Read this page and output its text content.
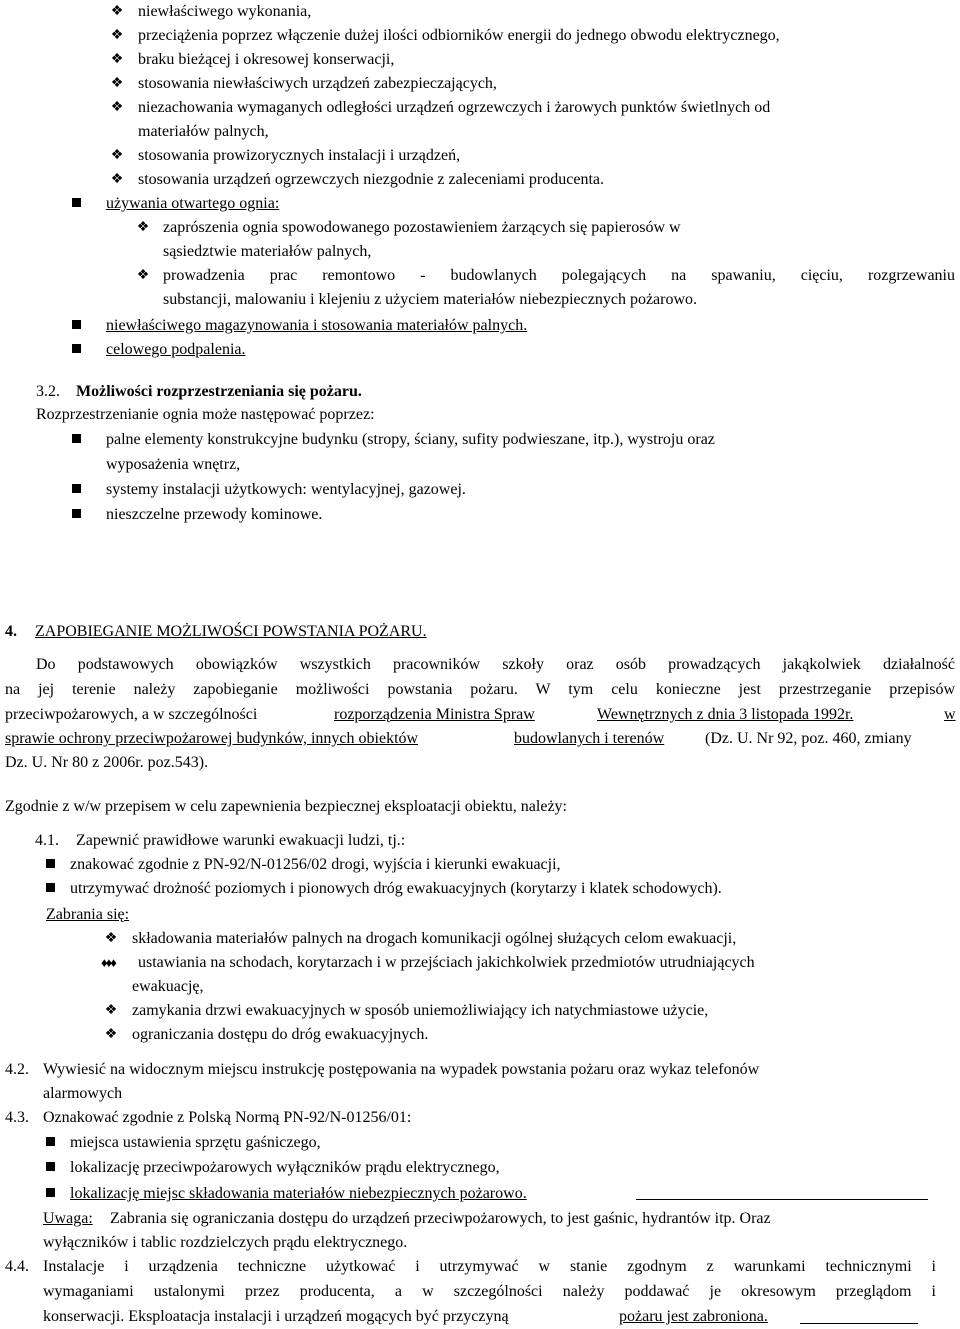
❖ niewłaściwego wykonania,
❖ przeciążenia poprzez włączenie dużej ilości odbiorników energii do jednego obwodu elektrycznego,
❖ braku bieżącej i okresowej konserwacji,
❖ stosowania niewłaściwych urządzeń zabezpieczających,
❖ niezachowania wymaganych odległości urządzeń ogrzewczych i żarowych punktów świetlnych od
materiałów palnych,
❖ stosowania prowizorycznych instalacji i urządzeń,
❖ stosowania urządzeń ogrzewczych niezgodnie z zaleceniami producenta.
używania otwartego ognia:
❖ zaprószenia ognia spowodowanego pozostawieniem żarzących się papierosów w
sąsiedztwie materiałów palnych,
❖ prowadzenia prac remontowo - budowlanych polegających na spawaniu, cięciu, rozgrzewaniu
substancji, malowaniu i klejeniu z użyciem materiałów niebezpiecznych pożarowo.
niewłaściwego magazynowania i stosowania materiałów palnych.
celowego podpalenia.
3.2. Możliwości rozprzestrzeniania się pożaru.
Rozprzestrzenianie ognia może następować poprzez:
palne elementy konstrukcyjne budynku (stropy, ściany, sufity podwieszane, itp.), wystroju oraz
wyposażenia wnętrz,
systemy instalacji użytkowych: wentylacyjnej, gazowej.
nieszczelne przewody kominowe.
4. ZAPOBIEGANIE MOŻLIWOŚCI POWSTANIA POŻARU.
Do podstawowych obowiązków wszystkich pracowników szkoły oraz osób prowadzących jakąkolwiek działalność
na jej terenie należy zapobieganie możliwości powstania pożaru. W tym celu konieczne jest przestrzeganie przepisów
przeciwpożarowych, a w szczególności	rozporządzenia Ministra Spraw	Wewnętrznych z dnia 3 listopada 1992r.	w
sprawie ochrony przeciwpożarowej budynków, innych obiektów	budowlanych i terenów	(Dz. U. Nr 92, poz. 460, zmiany
Dz. U. Nr 80 z 2006r. poz.543).
Zgodnie z w/w przepisem w celu zapewnienia bezpiecznej eksploatacji obiektu, należy:
4.1. Zapewnić prawidłowe warunki ewakuacji ludzi, tj.:
znakować zgodnie z PN-92/N-01256/02 drogi, wyjścia i kierunki ewakuacji,
utrzymywać drożność poziomych i pionowych dróg ewakuacyjnych (korytarzy i klatek schodowych).
Zabrania się:
❖ składowania materiałów palnych na drogach komunikacji ogólnej służących celom ewakuacji,
♦♦♦ ustawiania na schodach, korytarzach i w przejściach jakichkolwiek przedmiotów utrudniających
ewakuację,
❖ zamykania drzwi ewakuacyjnych w sposób uniemożliwiający ich natychmiastowe użycie,
❖ ograniczania dostępu do dróg ewakuacyjnych.
4.2. Wywiesić na widocznym miejscu instrukcję postępowania na wypadek powstania pożaru oraz wykaz telefonów
alarmowych
4.3. Oznakować zgodnie z Polską Normą PN-92/N-01256/01:
miejsca ustawienia sprzętu gaśniczego,
lokalizację przeciwpożarowych wyłączników prądu elektrycznego,
lokalizację miejsc składowania materiałów niebezpiecznych pożarowo.
Uwaga: Zabrania się ograniczania dostępu do urządzeń przeciwpożarowych, to jest gaśnic, hydrantów itp. Oraz
wyłączników i tablic rozdzielczych prądu elektrycznego.
4.4. Instalacje i urządzenia techniczne użytkować i utrzymywać w stanie zgodnym z warunkami technicznymi i
wymaganiami ustalonymi przez producenta, a w szczególności należy poddawać je okresowym przeglądom i
konserwacji. Eksploatacja instalacji i urządzeń mogących być przyczyną	pożaru jest zabroniona.
